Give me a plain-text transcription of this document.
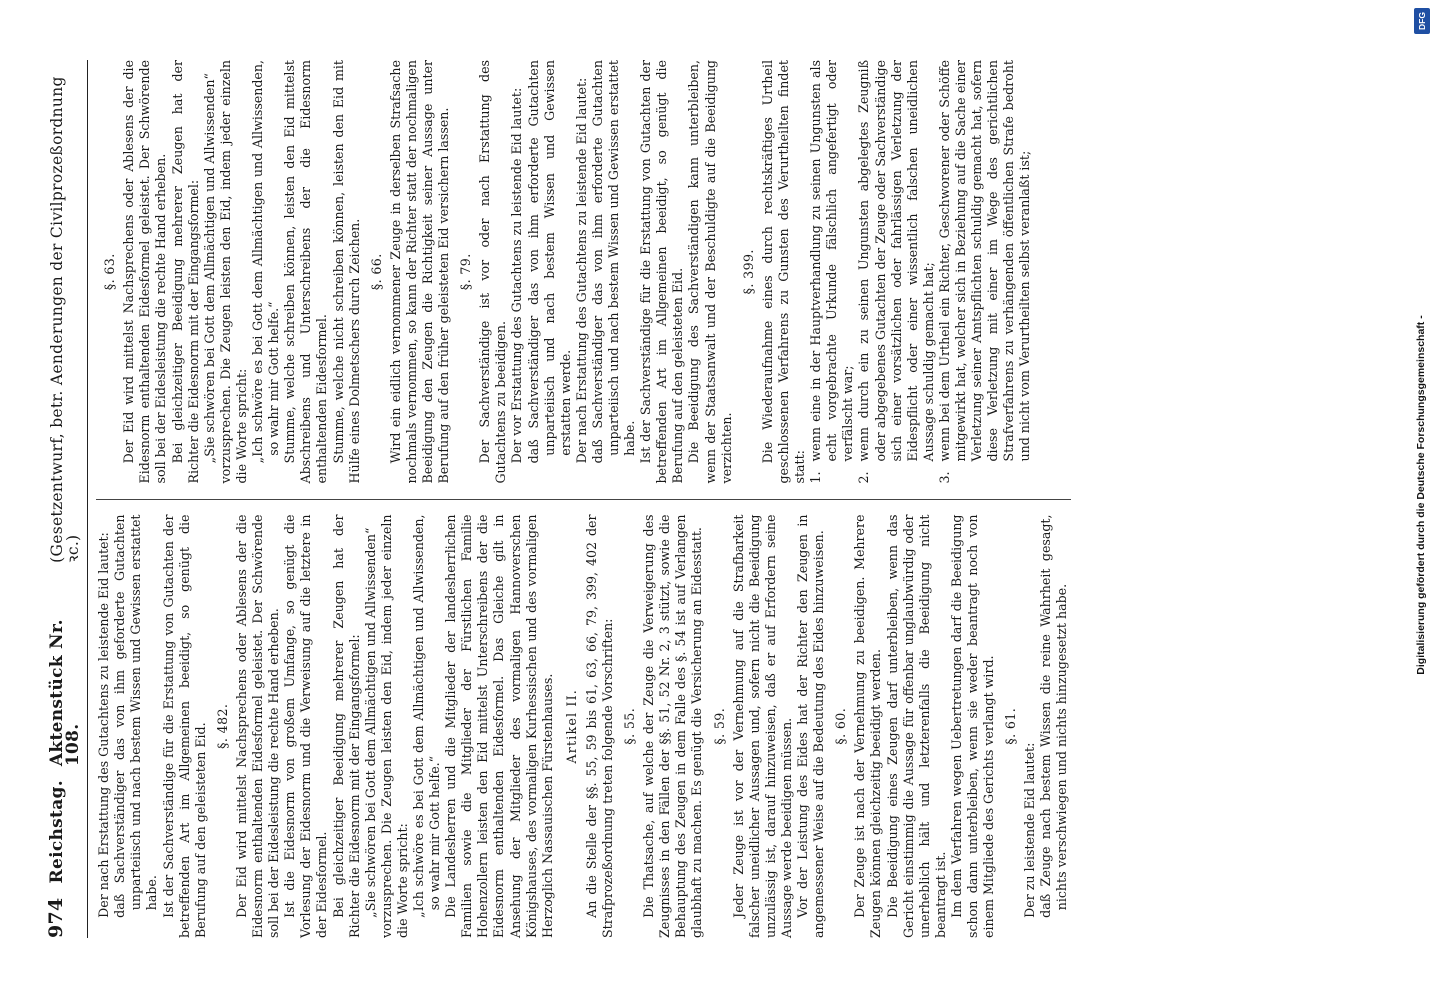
974
Reichstag.
Aktenstück Nr. 108.
(Gesetzentwurf, betr. Aenderungen der Civilprozeßordnung ꝛc.) Der nach Erstattung des Gutachtens zu leistende Eid lautet: daß Sachverständiger das von ihm geforderte Gutachten unparteiisch und nach bestem Wissen und Gewissen erstattet habe. Ist der Sachverständige für die Erstattung von Gutachten der betreffenden Art im Allgemeinen beeidigt, so genügt die Berufung auf den geleisteten Eid. §. 482. Der Eid wird mittelst Nachsprechens oder Ablesens der die Eidesnorm enthaltenden Eidesformel geleistet. Der Schwörende soll bei der Eidesleistung die rechte Hand erheben. Ist die Eidesnorm von großem Umfange, so genügt die Vorlesung der Eidesnorm und die Verweisung auf die letztere in der Eidesformel. Bei gleichzeitiger Beeidigung mehrerer Zeugen hat der Richter die Eidesnorm mit der Eingangsformel: „Sie schwören bei Gott dem Allmächtigen und Allwissenden“ vorzusprechen. Die Zeugen leisten den Eid, indem jeder einzeln die Worte spricht: „Ich schwöre es bei Gott dem Allmächtigen und Allwissenden, so wahr mir Gott helfe.“ Die Landesherren und die Mitglieder der landesherrlichen Familien sowie die Mitglieder der Fürstlichen Familie Hohenzollern leisten den Eid mittelst Unterschreibens der die Eidesnorm enthaltenden Eidesformel. Das Gleiche gilt in Ansehung der Mitglieder des vormaligen Hannoverschen Königshauses, des vormaligen Kurhessischen und des vormaligen Herzoglich Nassauischen Fürstenhauses. Artikel II. An die Stelle der §§. 55, 59 bis 61, 63, 66, 79, 399, 402 der Strafprozeßordnung treten folgende Vorschriften: §. 55. Die Thatsache, auf welche der Zeuge die Verweigerung des Zeugnisses in den Fällen der §§. 51, 52 Nr. 2, 3 stützt, sowie die Behauptung des Zeugen in dem Falle des §. 54 ist auf Verlangen glaubhaft zu machen. Es genügt die Versicherung an Eidesstatt. §. 59. Jeder Zeuge ist vor der Vernehmung auf die Strafbarkeit falscher uneidlicher Aussagen und, sofern nicht die Beeidigung unzulässig ist, darauf hinzuweisen, daß er auf Erfordern seine Aussage werde beeidigen müssen. Vor der Leistung des Eides hat der Richter den Zeugen in angemessener Weise auf die Bedeutung des Eides hinzuweisen. §. 60. Der Zeuge ist nach der Vernehmung zu beeidigen. Mehrere Zeugen können gleichzeitig beeidigt werden. Die Beeidigung eines Zeugen darf unterbleiben, wenn das Gericht einstimmig die Aussage für offenbar unglaubwürdig oder unerheblich hält und letzterenfalls die Beeidigung nicht beantragt ist. Im dem Verfahren wegen Uebertretungen darf die Beeidigung schon dann unterbleiben, wenn sie weder beantragt noch von einem Mitgliede des Gerichts verlangt wird. §. 61.

Der zu leistende Eid lautet: daß Zeuge nach bestem Wissen die reine Wahrheit gesagt, nichts verschwiegen und nichts hinzugesetzt habe.

§. 63. Der Eid wird mittelst Nachsprechens oder Ablesens der die Eidesnorm enthaltenden Eidesformel geleistet. Der Schwörende soll bei der Eidesleistung die rechte Hand erheben. Bei gleichzeitiger Beeidigung mehrerer Zeugen hat der Richter die Eidesnorm mit der Eingangsformel: „Sie schwören bei Gott dem Allmächtigen und Allwissenden“ vorzusprechen. Die Zeugen leisten den Eid, indem jeder einzeln die Worte spricht: „Ich schwöre es bei Gott dem Allmächtigen und Allwissenden, so wahr mir Gott helfe.“ Stumme, welche schreiben können, leisten den Eid mittelst Abschreibens und Unterschreibens der die Eidesnorm enthaltenden Eidesformel. Stumme, welche nicht schreiben können, leisten den Eid mit Hülfe eines Dolmetschers durch Zeichen. §. 66. Wird ein eidlich vernommener Zeuge in derselben Strafsache nochmals vernommen, so kann der Richter statt der nochmaligen Beeidigung den Zeugen die Richtigkeit seiner Aussage unter Berufung auf den früher geleisteten Eid versichern lassen. §. 79. Der Sachverständige ist vor oder nach Erstattung des Gutachtens zu beeidigen. Der vor Erstattung des Gutachtens zu leistende Eid lautet: daß Sachverständiger das von ihm erforderte Gutachten unparteiisch und nach bestem Wissen und Gewissen erstatten werde. Der nach Erstattung des Gutachtens zu leistende Eid lautet: daß Sachverständiger das von ihm erforderte Gutachten unparteiisch und nach bestem Wissen und Gewissen erstattet habe. Ist der Sachverständige für die Erstattung von Gutachten der betreffenden Art im Allgemeinen beeidigt, so genügt die Berufung auf den geleisteten Eid. Die Beeidigung des Sachverständigen kann unterbleiben, wenn der Staatsanwalt und der Beschuldigte auf die Beeidigung verzichten.

§. 399. Die Wiederaufnahme eines durch rechtskräftiges Urtheil geschlossenen Verfahrens zu Gunsten des Verurtheilten findet statt: 1.
wenn eine in der Hauptverhandlung zu seinen Ungunsten als echt vorgebrachte Urkunde fälschlich angefertigt oder verfälscht war;
2.
wenn durch ein zu seinen Ungunsten abgelegtes Zeugniß oder abgegebenes Gutachten der Zeuge oder Sachverständige sich einer vorsätzlichen oder fahrlässigen Verletzung der Eidespflicht oder einer wissentlich falschen uneidlichen Aussage schuldig gemacht hat;
3.
wenn bei dem Urtheil ein Richter, Geschworener oder Schöffe mitgewirkt hat, welcher sich in Beziehung auf die Sache einer Verletzung seiner Amtspflichten schuldig gemacht hat, sofern diese Verletzung mit einer im Wege des gerichtlichen Strafverfahrens zu verhängenden öffentlichen Strafe bedroht und nicht vom Verurtheilten selbst veranlaßt ist;
Digitalisierung gefördert durch die Deutsche Forschungsgemeinschaft -
DFG
